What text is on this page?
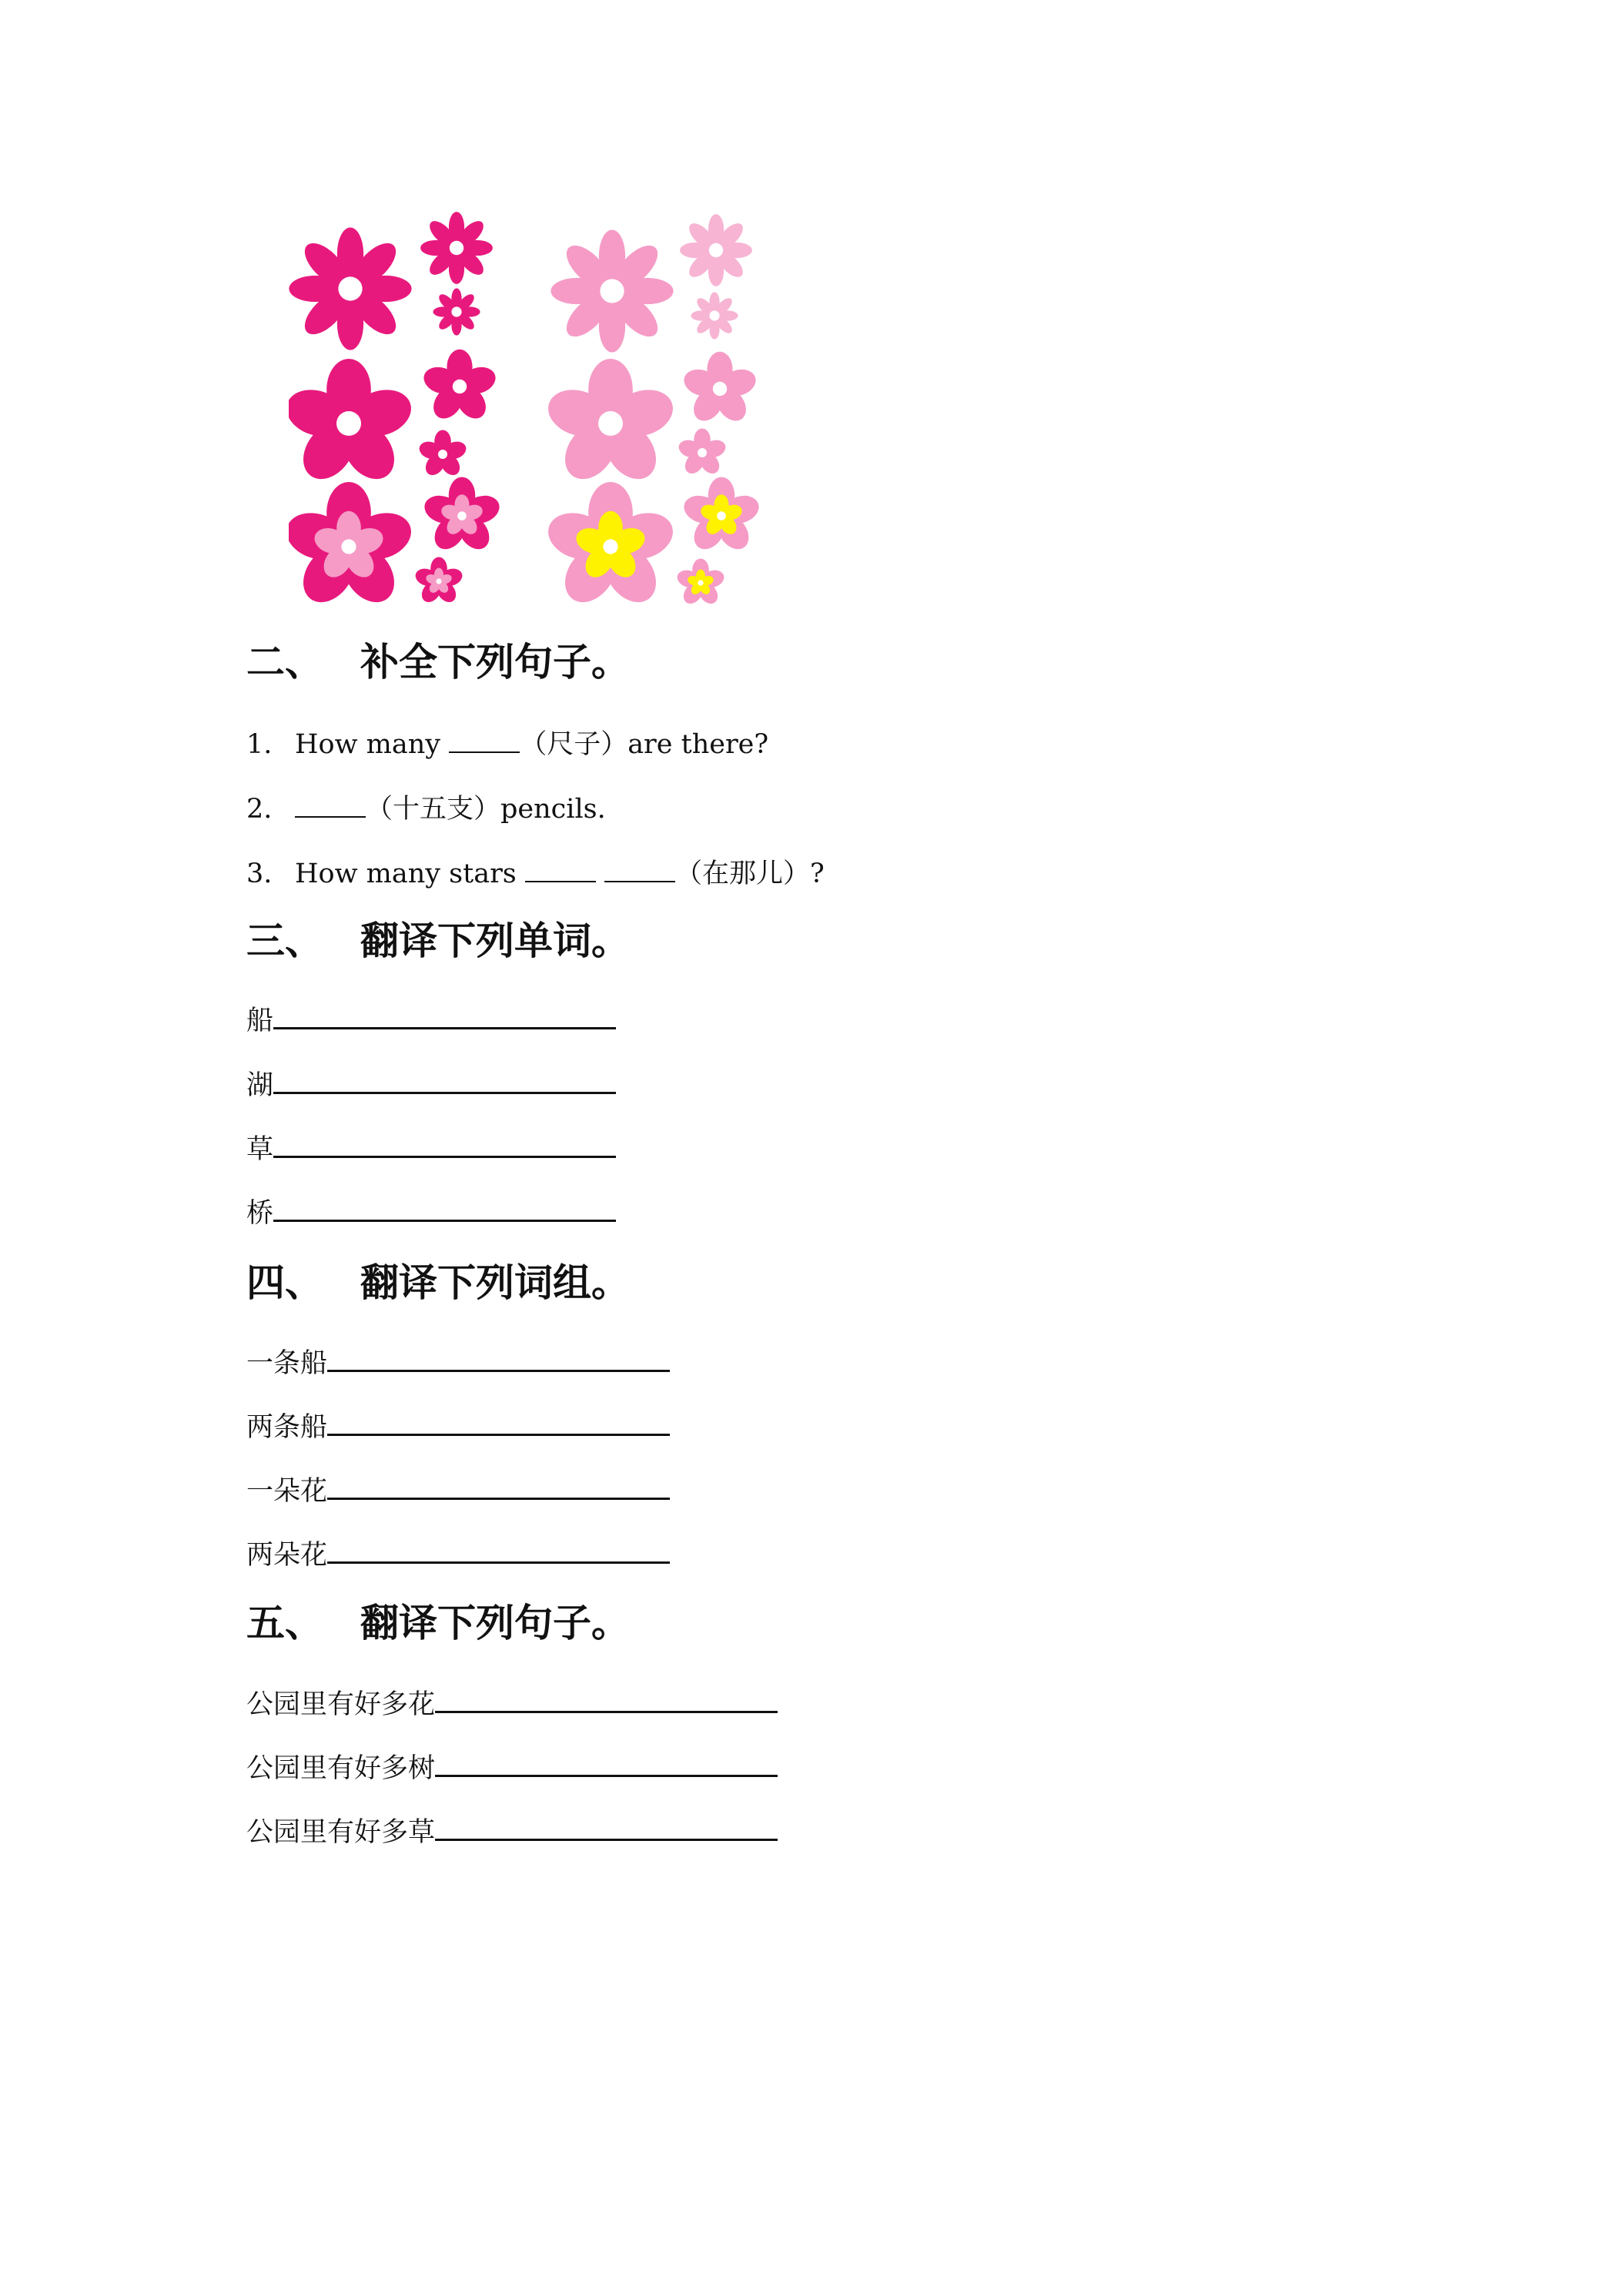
二、 补全下列句子。
1. How many	（尺子）are there?
2.	（十五支）pencils.
3. How many stars	（在那儿）?
三、 翻译下列单词。
船
湖
草
桥
四、 翻译下列词组。
一条船
两条船
一朵花
两朵花
五、 翻译下列句子。
公园里有好多花
公园里有好多树
公园里有好多草
